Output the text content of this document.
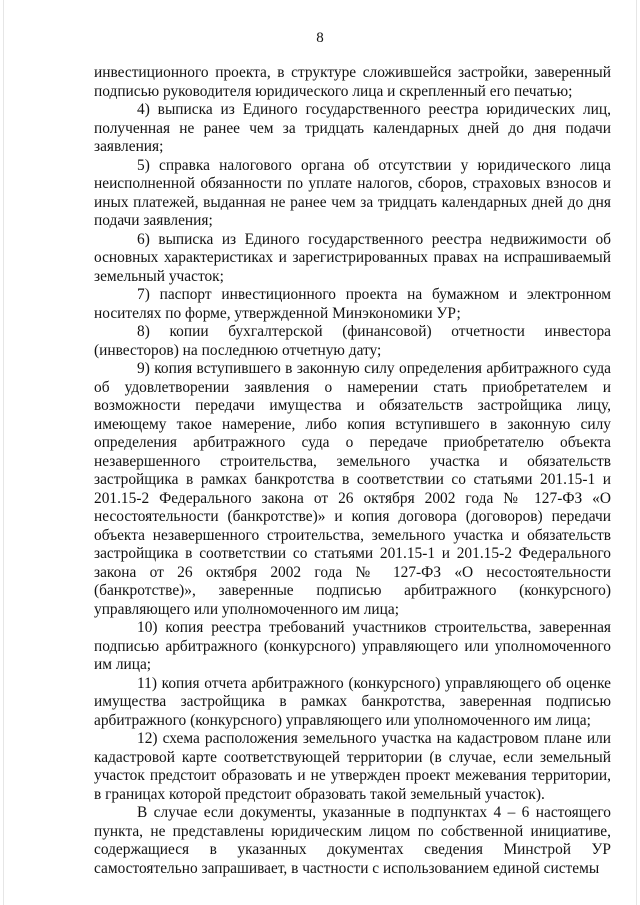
8

инвестиционного проекта, в структуре сложившейся застройки, заверенный подписью руководителя юридического лица и скрепленный его печатью;

4) выписка из Единого государственного реестра юридических лиц, полученная не ранее чем за тридцать календарных дней до дня подачи заявления;

5) справка налогового органа об отсутствии у юридического лица неисполненной обязанности по уплате налогов, сборов, страховых взносов и иных платежей, выданная не ранее чем за тридцать календарных дней до дня подачи заявления;

6) выписка из Единого государственного реестра недвижимости об основных характеристиках и зарегистрированных правах на испрашиваемый земельный участок;

7) паспорт инвестиционного проекта на бумажном и электронном носителях по форме, утвержденной Минэкономики УР;

8) копии бухгалтерской (финансовой) отчетности инвестора (инвесторов) на последнюю отчетную дату;

9) копия вступившего в законную силу определения арбитражного суда об удовлетворении заявления о намерении стать приобретателем и возможности передачи имущества и обязательств застройщика лицу, имеющему такое намерение, либо копия вступившего в законную силу определения арбитражного суда о передаче приобретателю объекта незавершенного строительства, земельного участка и обязательств застройщика в рамках банкротства в соответствии со статьями 201.15-1 и 201.15-2 Федерального закона от 26 октября 2002 года № 127-ФЗ «О несостоятельности (банкротстве)» и копия договора (договоров) передачи объекта незавершенного строительства, земельного участка и обязательств застройщика в соответствии со статьями 201.15-1 и 201.15-2 Федерального закона от 26 октября 2002 года № 127-ФЗ «О несостоятельности (банкротстве)», заверенные подписью арбитражного (конкурсного) управляющего или уполномоченного им лица;

10) копия реестра требований участников строительства, заверенная подписью арбитражного (конкурсного) управляющего или уполномоченного им лица;

11) копия отчета арбитражного (конкурсного) управляющего об оценке имущества застройщика в рамках банкротства, заверенная подписью арбитражного (конкурсного) управляющего или уполномоченного им лица;

12) схема расположения земельного участка на кадастровом плане или кадастровой карте соответствующей территории (в случае, если земельный участок предстоит образовать и не утвержден проект межевания территории, в границах которой предстоит образовать такой земельный участок).

В случае если документы, указанные в подпунктах 4 – 6 настоящего пункта, не представлены юридическим лицом по собственной инициативе, содержащиеся в указанных документах сведения Минстрой УР самостоятельно запрашивает, в частности с использованием единой системы
